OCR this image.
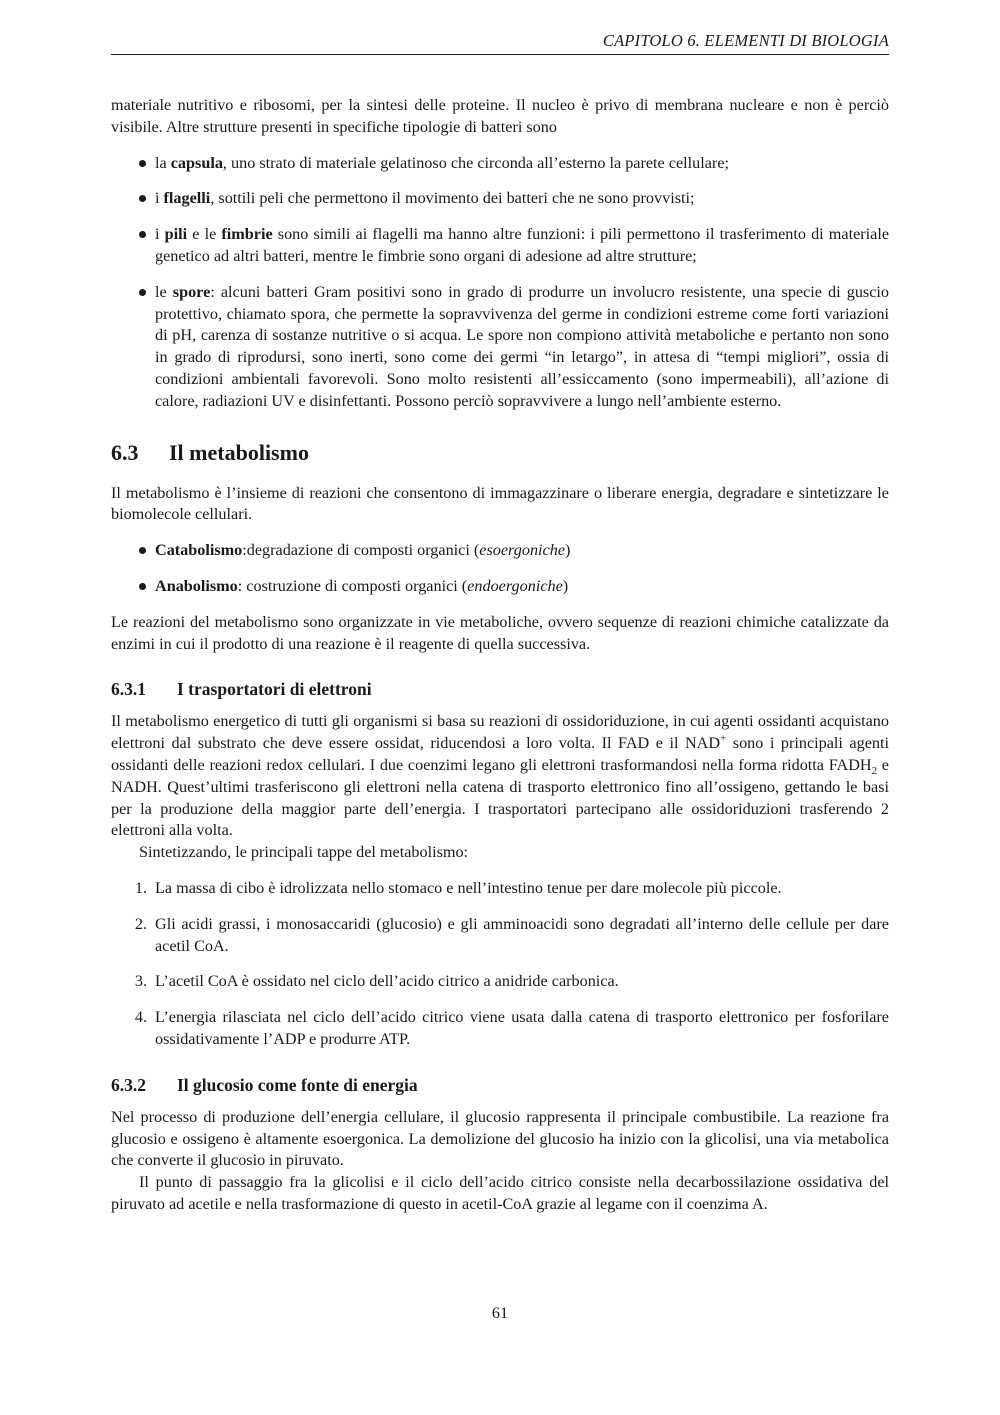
CAPITOLO 6. ELEMENTI DI BIOLOGIA

materiale nutritivo e ribosomi, per la sintesi delle proteine. Il nucleo è privo di membrana nucleare e non è perciò visibile. Altre strutture presenti in specifiche tipologie di batteri sono

la capsula, uno strato di materiale gelatinoso che circonda all’esterno la parete cellulare;
i flagelli, sottili peli che permettono il movimento dei batteri che ne sono provvisti;
i pili e le fimbrie sono simili ai flagelli ma hanno altre funzioni: i pili permettono il trasferimento di materiale genetico ad altri batteri, mentre le fimbrie sono organi di adesione ad altre strutture;
le spore: alcuni batteri Gram positivi sono in grado di produrre un involucro resistente, una specie di guscio protettivo, chiamato spora, che permette la sopravvivenza del germe in condizioni estreme come forti variazioni di pH, carenza di sostanze nutritive o si acqua. Le spore non compiono attività metaboliche e pertanto non sono in grado di riprodursi, sono inerti, sono come dei germi “in letargo”, in attesa di “tempi migliori”, ossia di condizioni ambientali favorevoli. Sono molto resistenti all’essiccamento (sono impermeabili), all’azione di calore, radiazioni UV e disinfettanti. Possono perciò sopravvivere a lungo nell’ambiente esterno.
6.3 Il metabolismo

Il metabolismo è l’insieme di reazioni che consentono di immagazzinare o liberare energia, degradare e sintetizzare le biomolecole cellulari.

Catabolismo:degradazione di composti organici (esoergoniche)
Anabolismo: costruzione di composti organici (endoergoniche)

Le reazioni del metabolismo sono organizzate in vie metaboliche, ovvero sequenze di reazioni chimiche catalizzate da enzimi in cui il prodotto di una reazione è il reagente di quella successiva.

6.3.1 I trasportatori di elettroni

Il metabolismo energetico di tutti gli organismi si basa su reazioni di ossidoriduzione, in cui agenti ossidanti acquistano elettroni dal substrato che deve essere ossidat, riducendosi a loro volta. Il FAD e il NAD+ sono i principali agenti ossidanti delle reazioni redox cellulari. I due coenzimi legano gli elettroni trasformandosi nella forma ridotta $FADH_2$ e NADH. Quest’ultimi trasferiscono gli elettroni nella catena di trasporto elettronico fino all’ossigeno, gettando le basi per la produzione della maggior parte dell’energia. I trasportatori partecipano alle ossidoriduzioni trasferendo 2 elettroni alla volta.

Sintetizzando, le principali tappe del metabolismo:

1. La massa di cibo è idrolizzata nello stomaco e nell’intestino tenue per dare molecole più piccole.
2. Gli acidi grassi, i monosaccaridi (glucosio) e gli amminoacidi sono degradati all’interno delle cellule per dare acetil CoA.
3. L’acetil CoA è ossidato nel ciclo dell’acido citrico a anidride carbonica.
4. L’energia rilasciata nel ciclo dell’acido citrico viene usata dalla catena di trasporto elettronico per fosforilare ossidativamente l’ADP e produrre ATP.
6.3.2 Il glucosio come fonte di energia

Nel processo di produzione dell’energia cellulare, il glucosio rappresenta il principale combustibile. La reazione fra glucosio e ossigeno è altamente esoergonica. La demolizione del glucosio ha inizio con la glicolisi, una via metabolica che converte il glucosio in piruvato.

Il punto di passaggio fra la glicolisi e il ciclo dell’acido citrico consiste nella decarbossilazione ossidativa del piruvato ad acetile e nella trasformazione di questo in acetil-CoA grazie al legame con il coenzima A.

61
